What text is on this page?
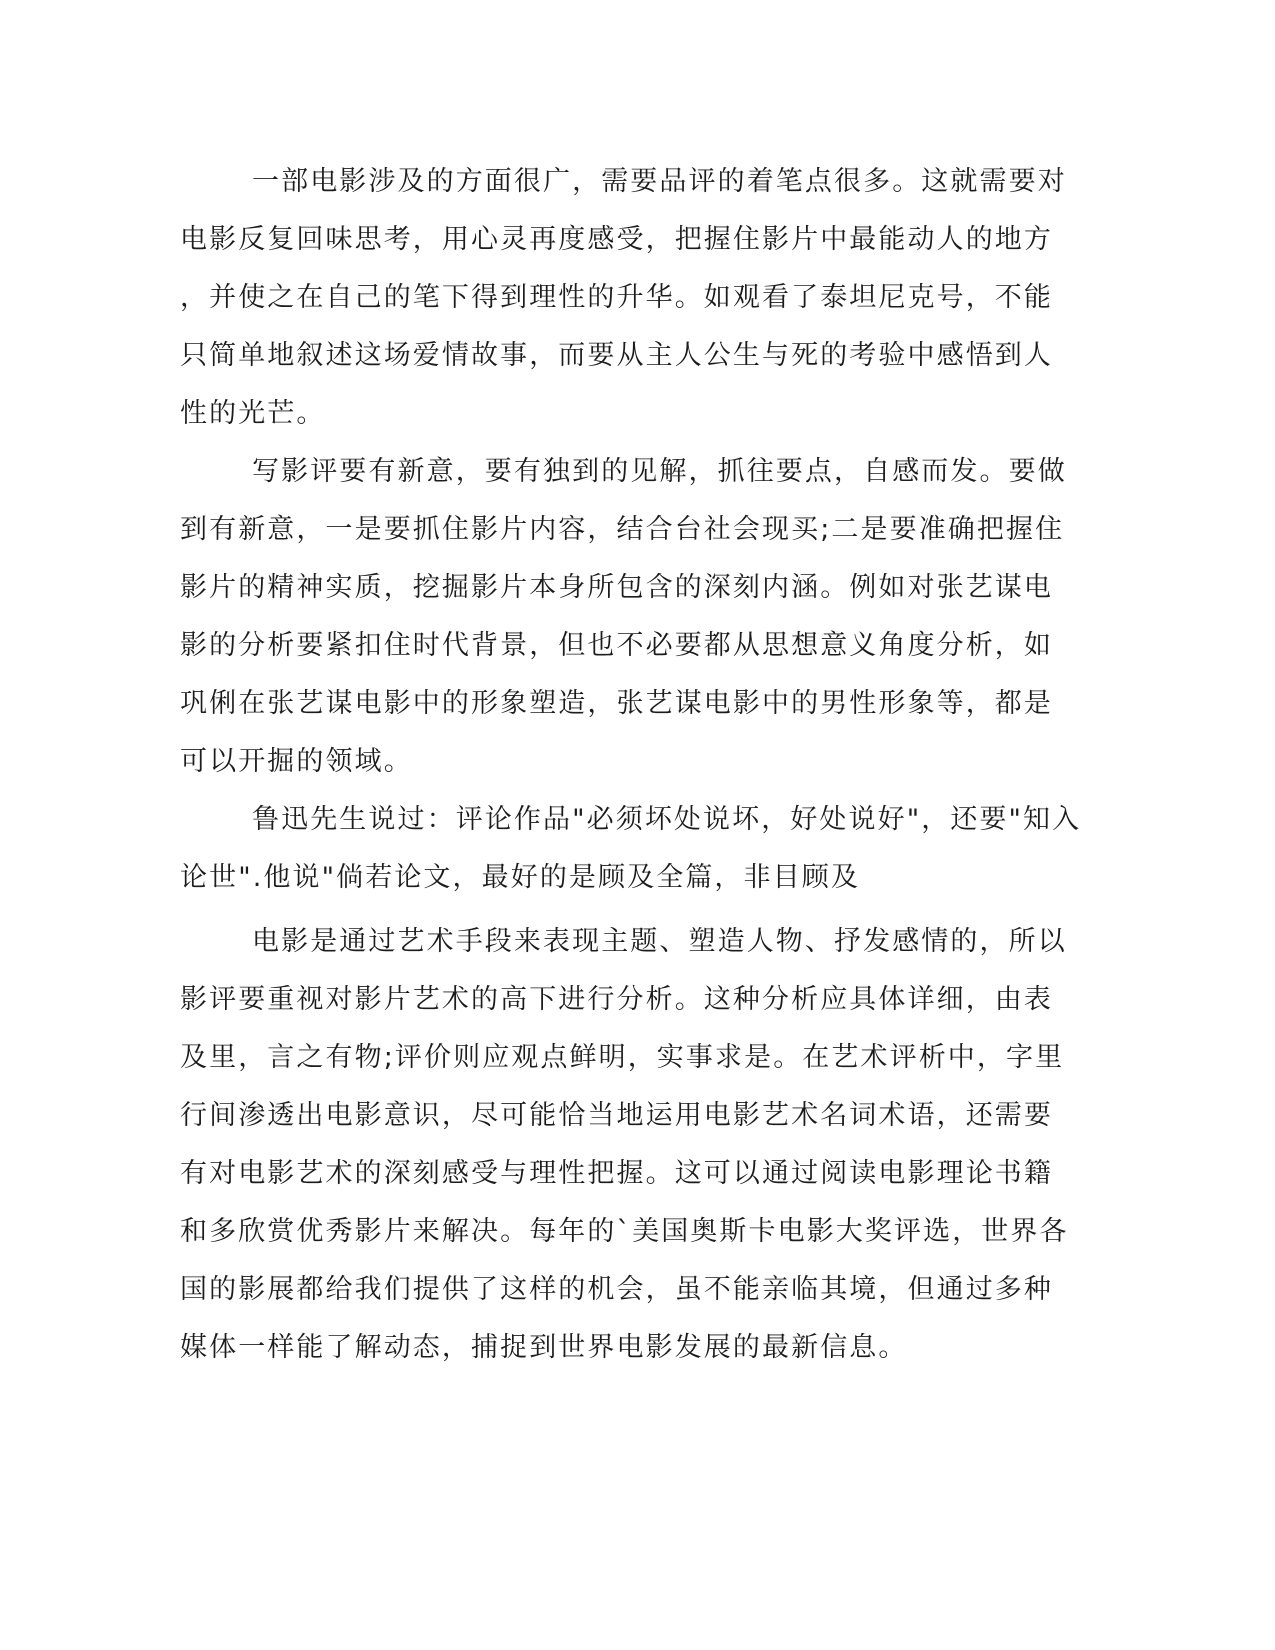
一部电影涉及的方面很广，需要品评的着笔点很多。这就需要对
电影反复回味思考，用心灵再度感受，把握住影片中最能动人的地方
，并使之在自己的笔下得到理性的升华。如观看了泰坦尼克号，不能
只简单地叙述这场爱情故事，而要从主人公生与死的考验中感悟到人
性的光芒。
写影评要有新意，要有独到的见解，抓往要点，自感而发。要做
到有新意，一是要抓住影片内容，结合台社会现买;二是要准确把握住
影片的精神实质，挖掘影片本身所包含的深刻内涵。例如对张艺谋电
影的分析要紧扣住时代背景，但也不必要都从思想意义角度分析，如
巩俐在张艺谋电影中的形象塑造，张艺谋电影中的男性形象等，都是
可以开掘的领域。
鲁迅先生说过：评论作品"必须坏处说坏，好处说好"，还要"知入
论世".他说"倘若论文，最好的是顾及全篇，非目顾及
电影是通过艺术手段来表现主题、塑造人物、抒发感情的，所以
影评要重视对影片艺术的高下进行分析。这种分析应具体详细，由表
及里，言之有物;评价则应观点鲜明，实事求是。在艺术评析中，字里
行间渗透出电影意识，尽可能恰当地运用电影艺术名词术语，还需要
有对电影艺术的深刻感受与理性把握。这可以通过阅读电影理论书籍
和多欣赏优秀影片来解决。每年的`美国奥斯卡电影大奖评选，世界各
国的影展都给我们提供了这样的机会，虽不能亲临其境，但通过多种
媒体一样能了解动态，捕捉到世界电影发展的最新信息。
